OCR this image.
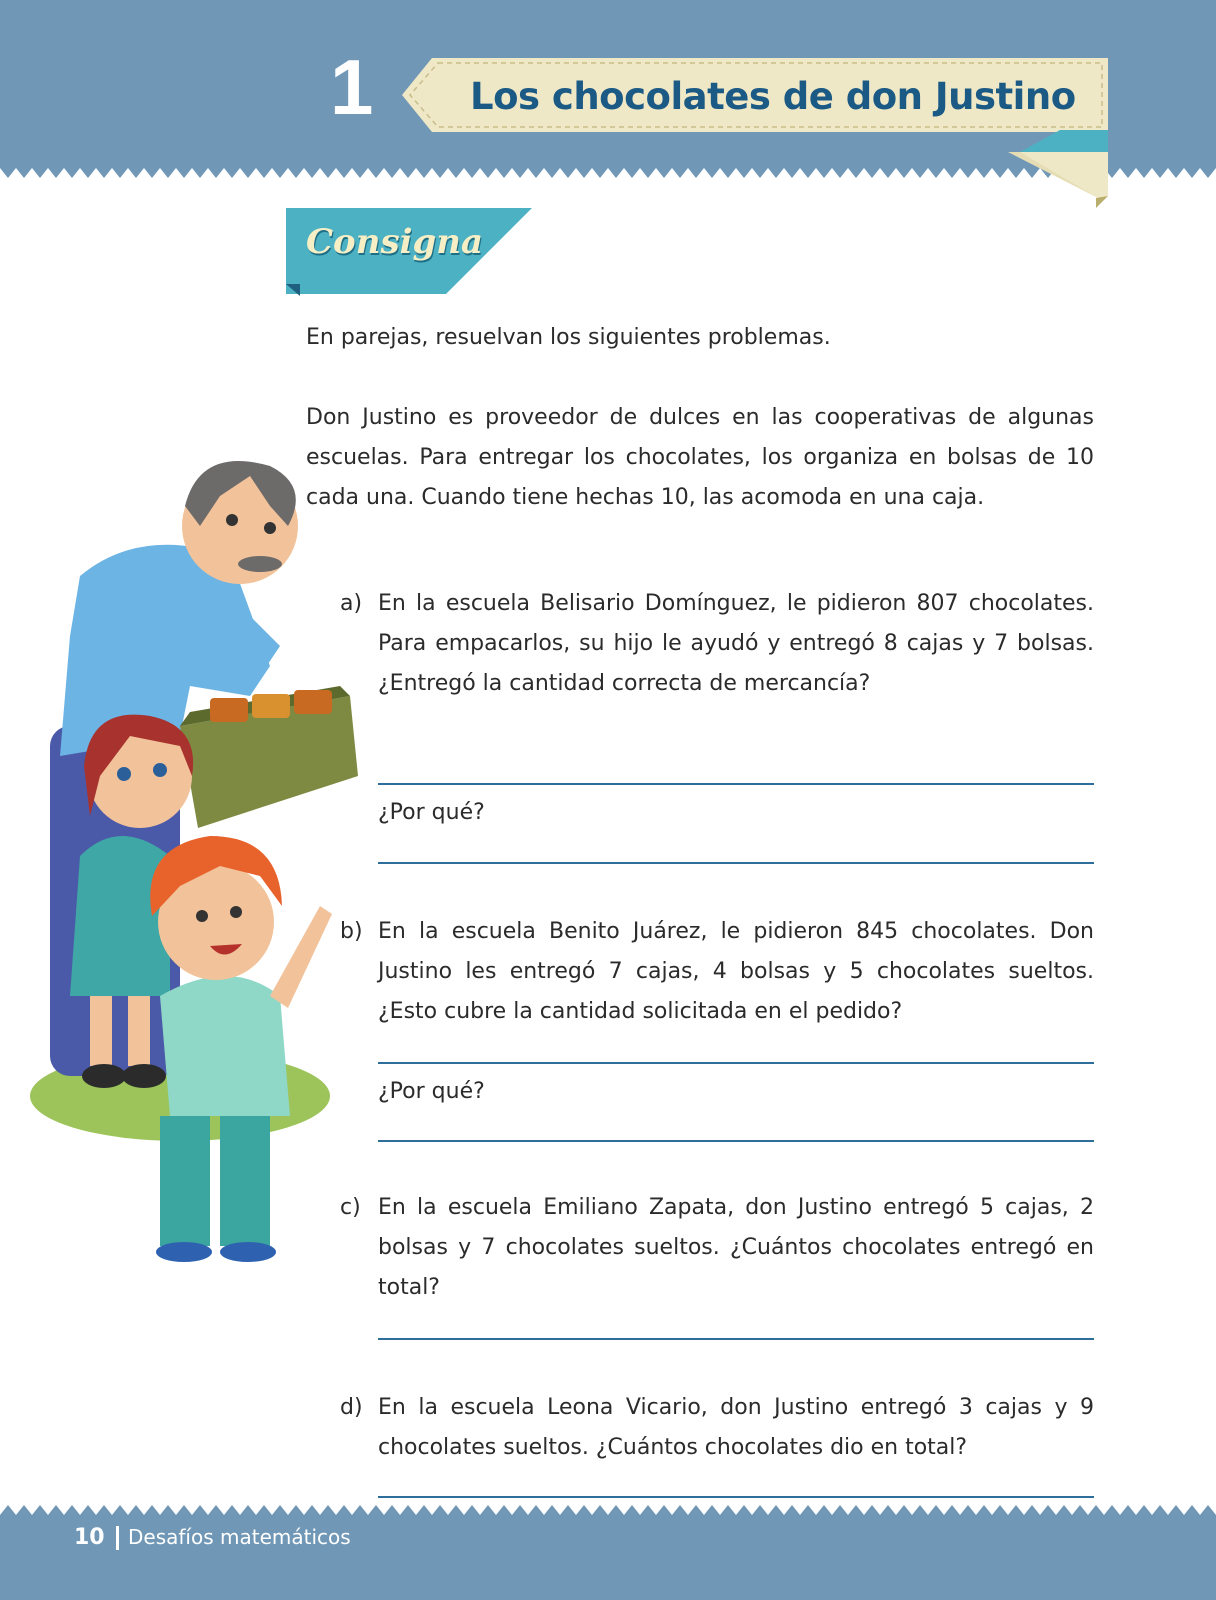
1	Los chocolates de don Justino
Consigna

En parejas, resuelvan los siguientes problemas.

Don Justino es proveedor de dulces en las cooperativas de algunas escuelas. Para entregar los chocolates, los organiza en bolsas de 10 cada una. Cuando tiene hechas 10, las acomoda en una caja.

a) En la escuela Belisario Domínguez, le pidieron 807 chocolates. Para empacarlos, su hijo le ayudó y entregó 8 cajas y 7 bolsas. ¿Entregó la cantidad correcta de mercancía?

¿Por qué?
b) En la escuela Benito Juárez, le pidieron 845 chocolates. Don Justino les entregó 7 cajas, 4 bolsas y 5 chocolates sueltos. ¿Esto cubre la cantidad solicitada en el pedido?

¿Por qué?
c) En la escuela Emiliano Zapata, don Justino entregó 5 cajas, 2 bolsas y 7 chocolates sueltos. ¿Cuántos chocolates entregó en total?

d) En la escuela Leona Vicario, don Justino entregó 3 cajas y 9 chocolates sueltos. ¿Cuántos chocolates dio en total?

10 Desafíos matemáticos
